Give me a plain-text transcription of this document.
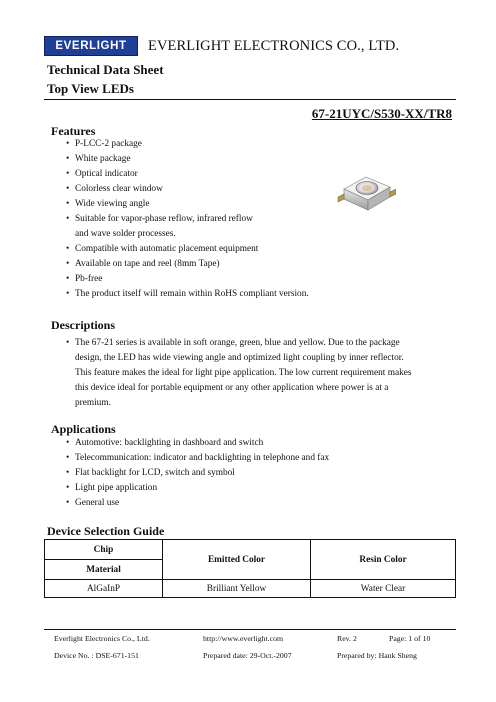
EVERLIGHT EVERLIGHT ELECTRONICS CO., LTD.
Technical Data Sheet
Top View LEDs
67-21UYC/S530-XX/TR8
Features
• P-LCC-2 package
• White package
• Optical indicator
• Colorless clear window
• Wide viewing angle
• Suitable for vapor-phase reflow, infrared reflow
and wave solder processes.
• Compatible with automatic placement equipment
• Available on tape and reel (8mm Tape)
• Pb-free
• The product itself will remain within RoHS compliant version.
Descriptions
• The 67-21 series is available in soft orange, green, blue and yellow. Due to the package
design, the LED has wide viewing angle and optimized light coupling by inner reflector.
This feature makes the ideal for light pipe application. The low current requirement makes
this device ideal for portable equipment or any other application where power is at a
premium.
Applications
• Automotive: backlighting in dashboard and switch
• Telecommunication: indicator and backlighting in telephone and fax
• Flat backlight for LCD, switch and symbol
• Light pipe application
• General use
Device Selection Guide
Chip	Emitted Color	Resin Color
Material		
AlGaInP	Brilliant Yellow	Water Clear
Everlight Electronics Co., Ltd.	http://www.everlight.com	Rev. 2	Page: 1 of 10
Device No. : DSE-671-151	Prepared date: 29-Oct.-2007	Prepared by: Hank Sheng
